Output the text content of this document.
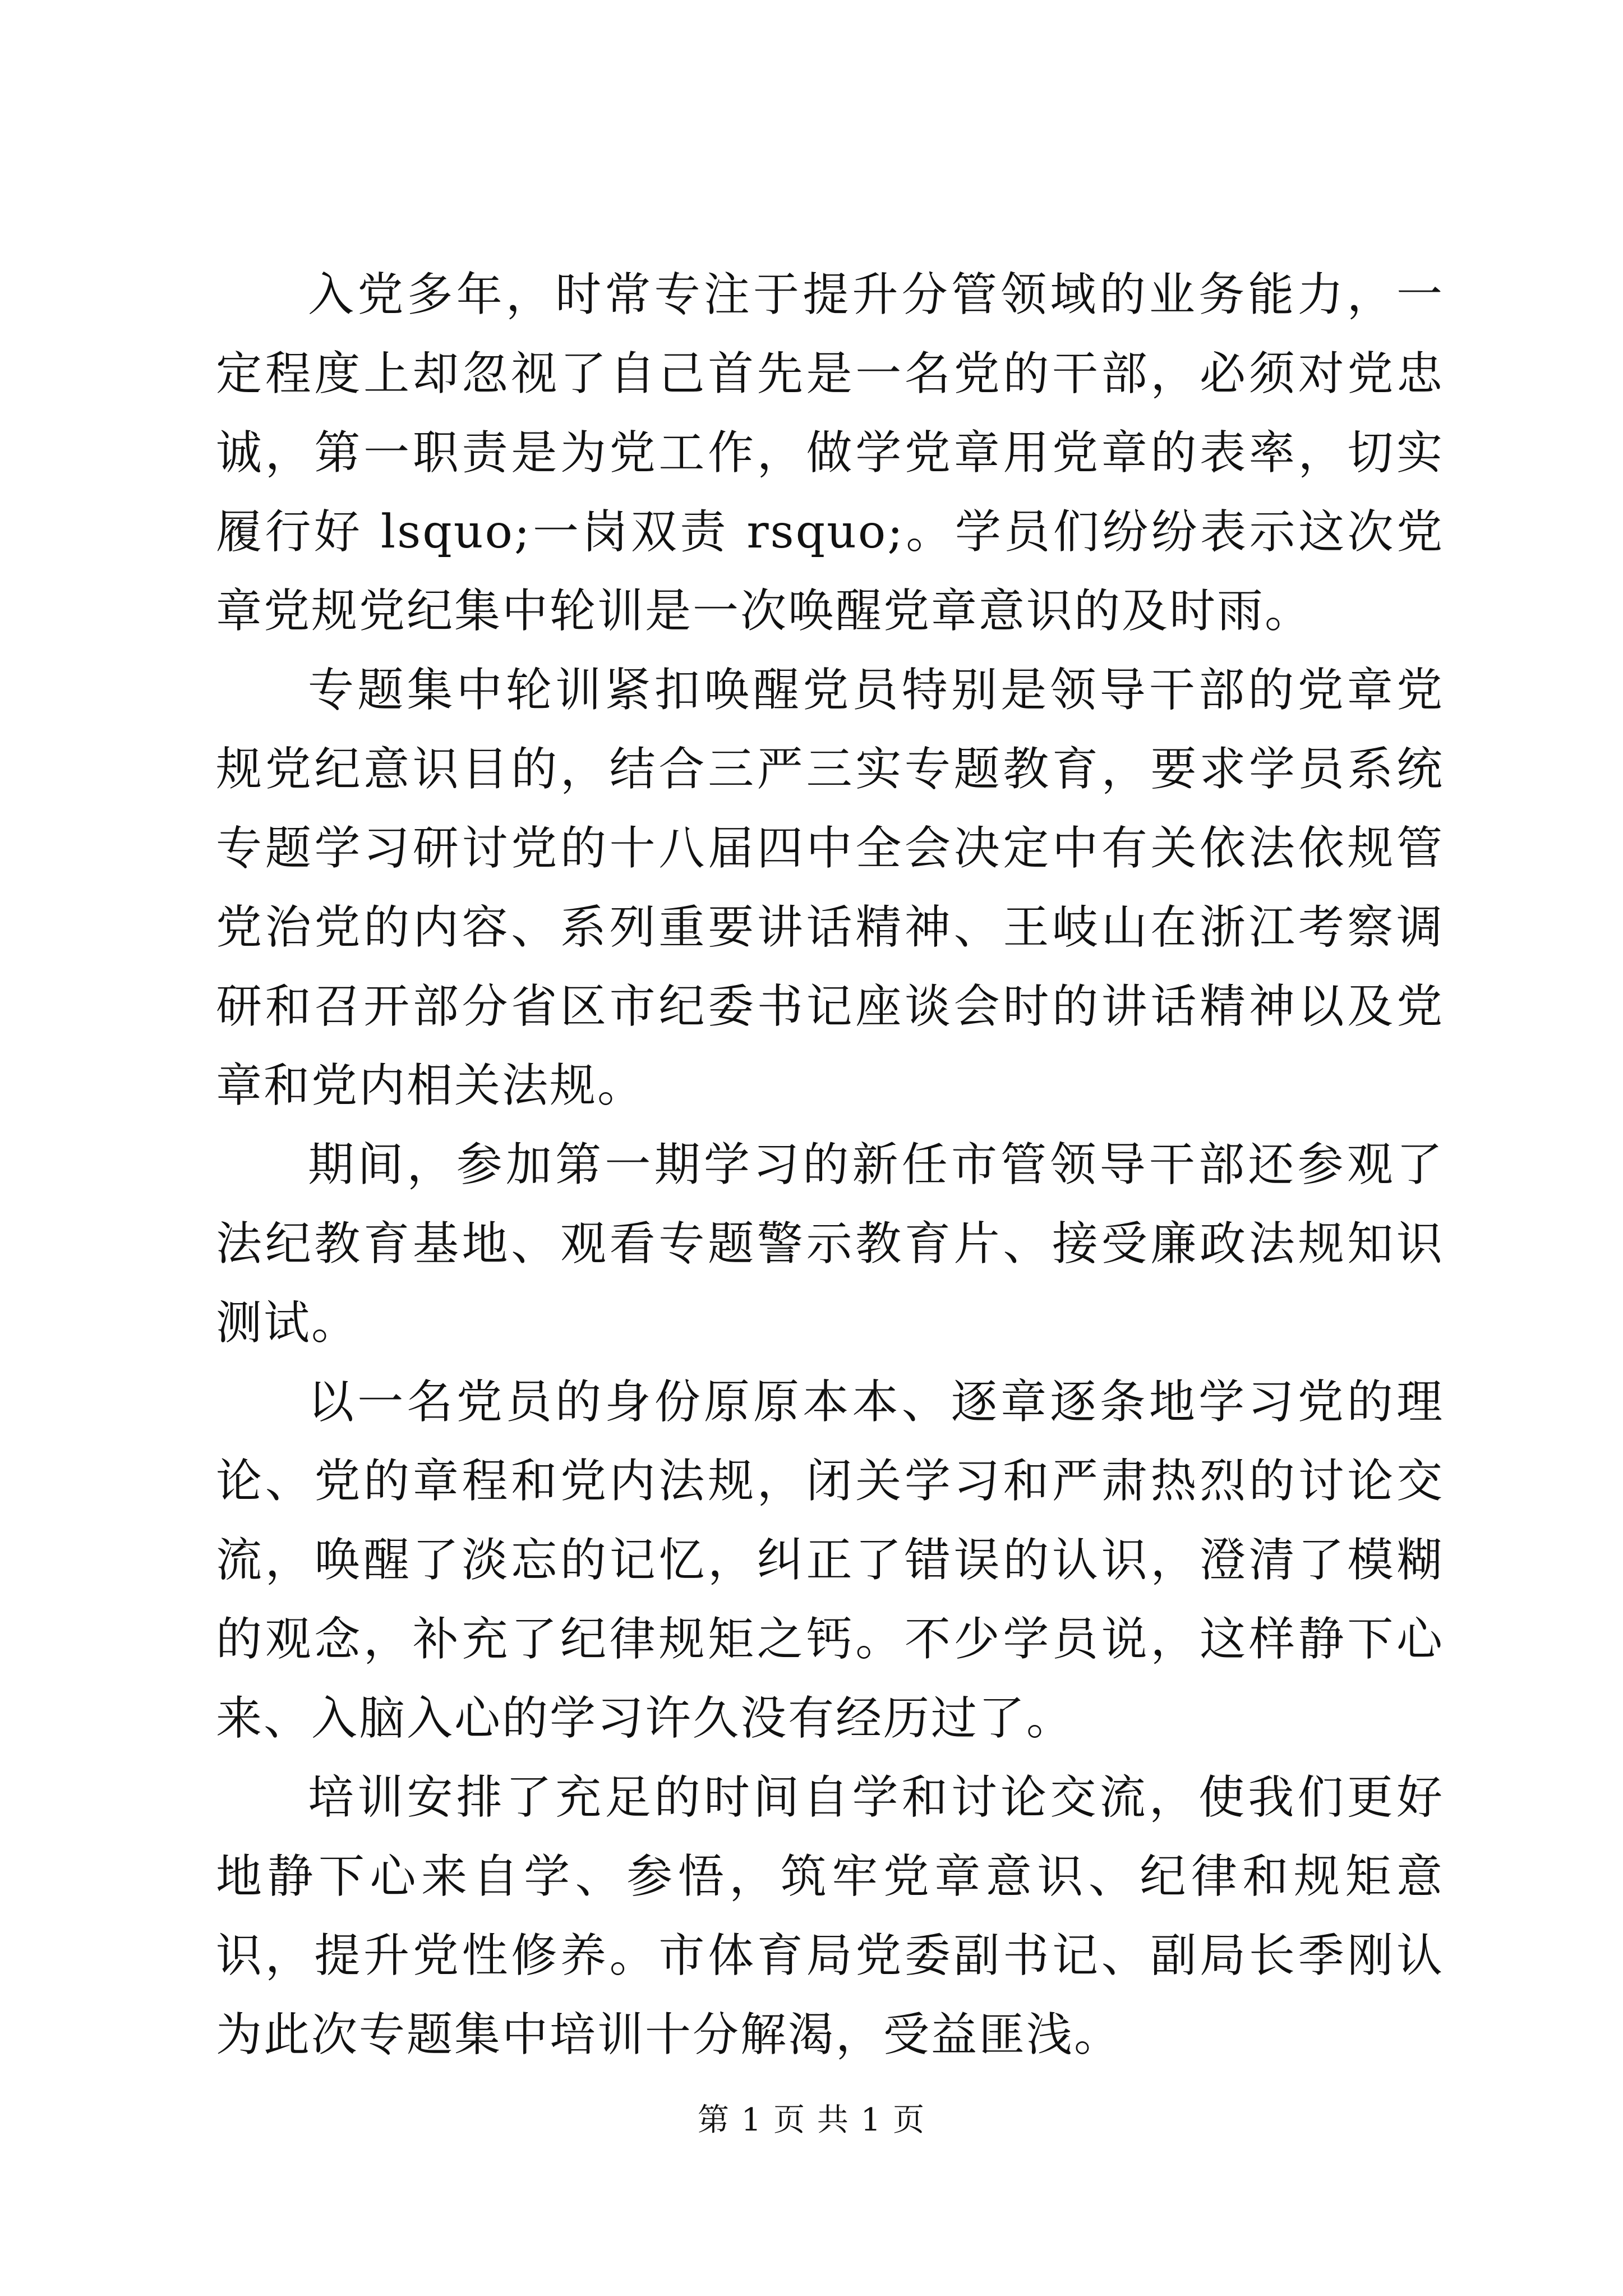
入党多年，时常专注于提升分管领域的业务能力，一定程度上却忽视了自己首先是一名党的干部，必须对党忠诚，第一职责是为党工作，做学党章用党章的表率，切实履行好 lsquo;一岗双责 rsquo;。学员们纷纷表示这次党章党规党纪集中轮训是一次唤醒党章意识的及时雨。

专题集中轮训紧扣唤醒党员特别是领导干部的党章党规党纪意识目的，结合三严三实专题教育，要求学员系统专题学习研讨党的十八届四中全会决定中有关依法依规管党治党的内容、系列重要讲话精神、王岐山在浙江考察调研和召开部分省区市纪委书记座谈会时的讲话精神以及党章和党内相关法规。

期间，参加第一期学习的新任市管领导干部还参观了法纪教育基地、观看专题警示教育片、接受廉政法规知识测试。

以一名党员的身份原原本本、逐章逐条地学习党的理论、党的章程和党内法规，闭关学习和严肃热烈的讨论交流，唤醒了淡忘的记忆，纠正了错误的认识，澄清了模糊的观念，补充了纪律规矩之钙。不少学员说，这样静下心来、入脑入心的学习许久没有经历过了。

培训安排了充足的时间自学和讨论交流，使我们更好地静下心来自学、参悟，筑牢党章意识、纪律和规矩意识，提升党性修养。市体育局党委副书记、副局长季刚认为此次专题集中培训十分解渴，受益匪浅。

第 1 页 共 1 页
